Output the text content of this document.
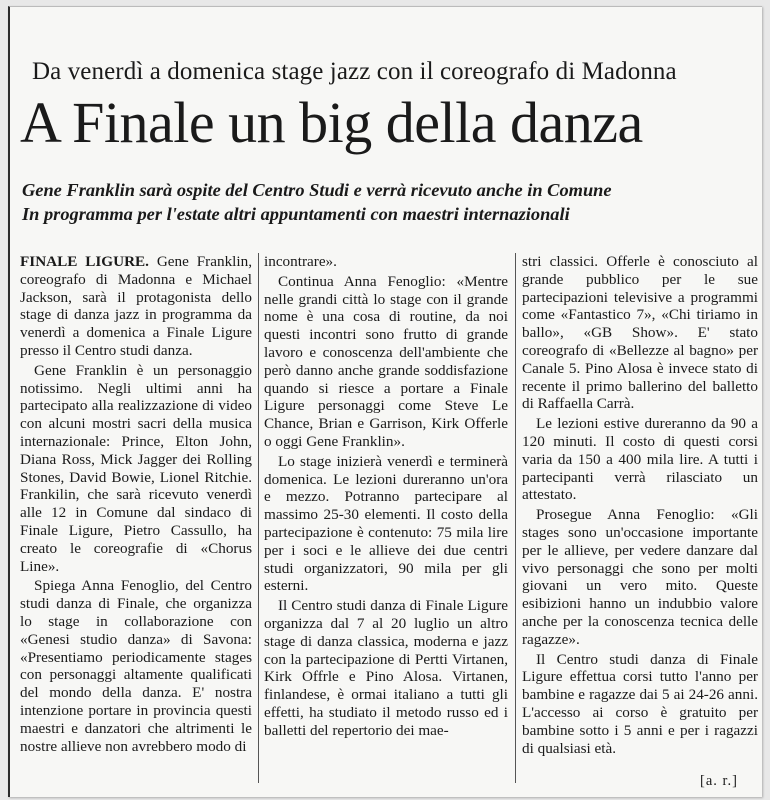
Da venerdì a domenica stage jazz con il coreografo di Madonna
A Finale un big della danza
Gene Franklin sarà ospite del Centro Studi e verrà ricevuto anche in Comune
In programma per l'estate altri appuntamenti con maestri internazionali

FINALE LIGURE. Gene Franklin, coreografo di Madonna e Michael Jackson, sarà il protagonista dello stage di danza jazz in programma da venerdì a domenica a Finale Ligure presso il Centro studi danza.

Gene Franklin è un personaggio notissimo. Negli ultimi anni ha partecipato alla realizzazione di video con alcuni mostri sacri della musica internazionale: Prince, Elton John, Diana Ross, Mick Jagger dei Rolling Stones, David Bowie, Lionel Ritchie. Frankilin, che sarà ricevuto venerdì alle 12 in Comune dal sindaco di Finale Ligure, Pietro Cassullo, ha creato le coreografie di «Chorus Line».

Spiega Anna Fenoglio, del Centro studi danza di Finale, che organizza lo stage in collaborazione con «Genesi studio danza» di Savona: «Presentiamo periodicamente stages con personaggi altamente qualificati del mondo della danza. E' nostra intenzione portare in provincia questi maestri e danzatori che altrimenti le nostre allieve non avrebbero modo di

incontrare».

Continua Anna Fenoglio: «Mentre nelle grandi città lo stage con il grande nome è una cosa di routine, da noi questi incontri sono frutto di grande lavoro e conoscenza dell'ambiente che però danno anche grande soddisfazione quando si riesce a portare a Finale Ligure personaggi come Steve Le Chance, Brian e Garrison, Kirk Offerle o oggi Gene Franklin».

Lo stage inizierà venerdì e terminerà domenica. Le lezioni dureranno un'ora e mezzo. Potranno partecipare al massimo 25-30 elementi. Il costo della partecipazione è contenuto: 75 mila lire per i soci e le allieve dei due centri studi organizzatori, 90 mila per gli esterni.

Il Centro studi danza di Finale Ligure organizza dal 7 al 20 luglio un altro stage di danza classica, moderna e jazz con la partecipazione di Pertti Virtanen, Kirk Offrle e Pino Alosa. Virtanen, finlandese, è ormai italiano a tutti gli effetti, ha studiato il metodo russo ed i balletti del repertorio dei mae-

stri classici. Offerle è conosciuto al grande pubblico per le sue partecipazioni televisive a programmi come «Fantastico 7», «Chi tiriamo in ballo», «GB Show». E' stato coreografo di «Bellezze al bagno» per Canale 5. Pino Alosa è invece stato di recente il primo ballerino del balletto di Raffaella Carrà.

Le lezioni estive dureranno da 90 a 120 minuti. Il costo di questi corsi varia da 150 a 400 mila lire. A tutti i partecipanti verrà rilasciato un attestato.

Prosegue Anna Fenoglio: «Gli stages sono un'occasione importante per le allieve, per vedere danzare dal vivo personaggi che sono per molti giovani un vero mito. Queste esibizioni hanno un indubbio valore anche per la conoscenza tecnica delle ragazze».

Il Centro studi danza di Finale Ligure effettua corsi tutto l'anno per bambine e ragazze dai 5 ai 24-26 anni. L'accesso ai corso è gratuito per bambine sotto i 5 anni e per i ragazzi di qualsiasi età.

[a. r.]
